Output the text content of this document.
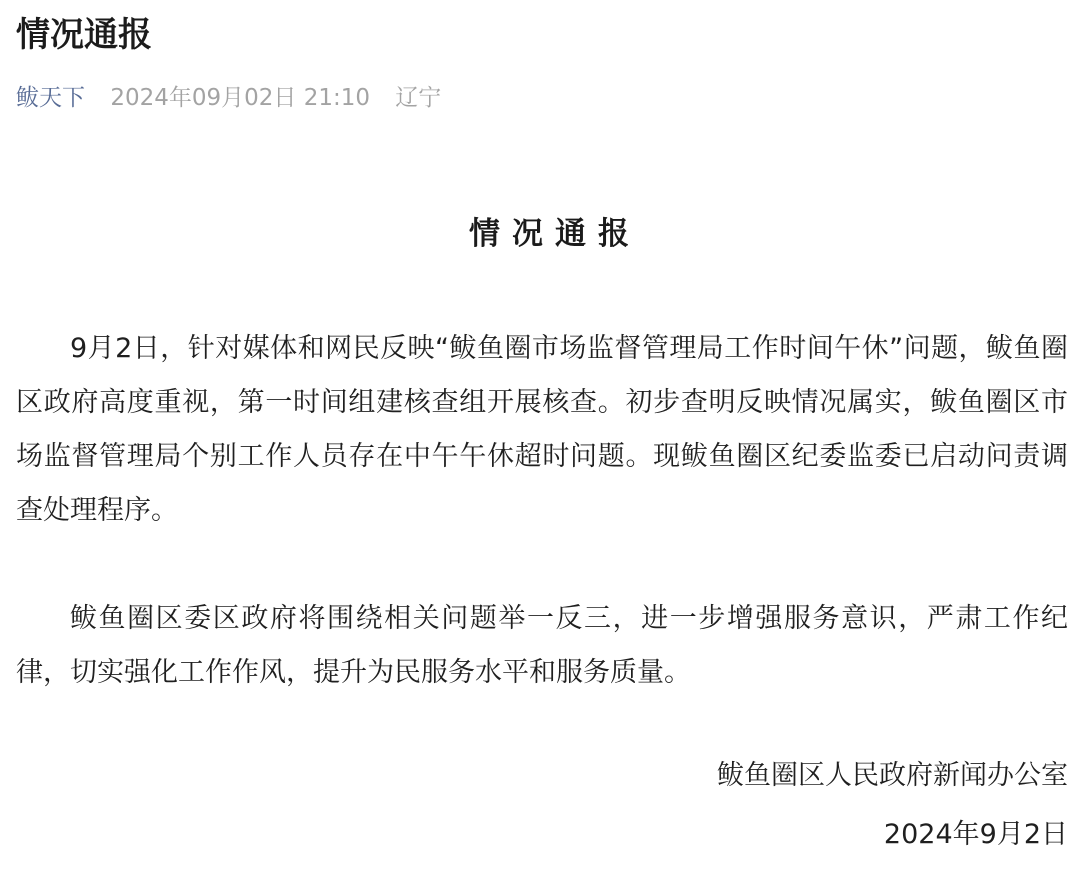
情况通报
鲅天下 2024年09月02日 21:10 辽宁
情况通报

9月2日，针对媒体和网民反映“鲅鱼圈市场监督管理局工作时间午休”问题，鲅鱼圈区政府高度重视，第一时间组建核查组开展核查。初步查明反映情况属实，鲅鱼圈区市场监督管理局个别工作人员存在中午午休超时问题。现鲅鱼圈区纪委监委已启动问责调查处理程序。

鲅鱼圈区委区政府将围绕相关问题举一反三，进一步增强服务意识，严肃工作纪律，切实强化工作作风，提升为民服务水平和服务质量。

鲅鱼圈区人民政府新闻办公室
2024年9月2日
